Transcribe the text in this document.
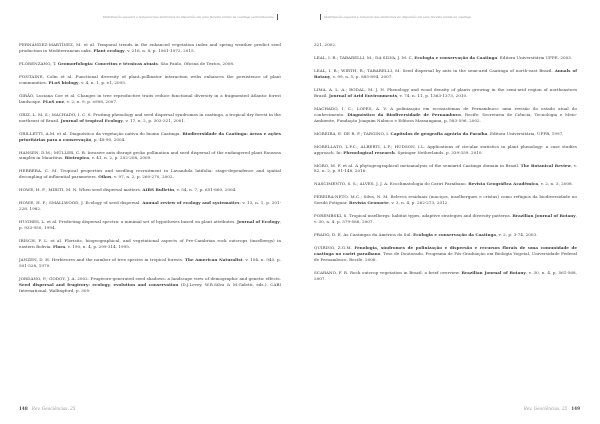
Distribuição espacial e temporal das sindromes de dispersão em uma floresta úmida na caatinga pernambucana
FERNÁNDEZ-MARTÍNEZ, M. et al. Temporal trends in the enhanced vegetation index and spring weather predict seed production in Mediterranean oaks. Plant ecology, v. 216, n. 8, p. 1061-1072, 2015.
FLORENZANO, T. Geomorfologia: Conceitos e técnicas atuais. São Paulo, Oficina de Textos, 2008.
FONTAINE, Colin et al. Functional diversity of plant–pollinator interaction webs enhances the persistence of plant communities. PLoS biology, v. 4, n. 1, p. e1, 2005.
GIRÃO, Luciana Coe et al. Changes in tree reproductive traits reduce functional diversity in a fragmented Atlantic forest landscape. PLoS one, v. 2, n. 9, p. e908, 2007.
GRIZ, L. M. S.; MACHADO, I. C. S. Fruiting phenology and seed dispersal syndromes in caatinga, a tropical dry forest in the northeast of Brazil. Journal of tropical Ecology, v. 17, n. 2, p. 303-321, 2001.
GRILLETTI, A.M. et al. Diagnóstico da vegetação nativa do bioma Caatinga. Biodiversidade da Caatinga: áreas e ações prioritárias para a conservação, p. 48-90, 2004.
HANSEN, D.M.; MÜLLER, C. B. Invasive ants disrupt gecko pollination and seed dispersal of the endangered plant Roussea simplex in Mauritius. Biotropica, v. 41, n. 2, p. 202-208, 2009.
HERRERA, C. M. Tropical properties and seedling recruitment in Lavandula latifolia: stage-dependence and spatial decoupling of influential parameters. Oikos, v. 97, n. 2, p. 260-270, 2002.
HOWE, H. F.; MIRITI, M. N. When seed dispersal matters. AIBS Bulletin, v. 54, n. 7, p. 651-660, 2004.
HOWE, H. F.; SMALLWOOD, J. Ecology of seed dispersal. Annual review of ecology and systematics, v. 13, n. 1, p. 201-228, 1982.
HUGHES, L. et al. Predicting dispersal spectra: a minimal set of hypotheses based on plant attributes. Journal of Ecology, p. 933-950, 1994.
IBISCH, P. L. et al. Floristic, biogeographical, and vegetational aspects of Pre-Cambrian rock outcrops (inselbergs) in eastern Bolivia. Flora, v. 190, n. 4, p. 299-314, 1995.
JANZEN, D. H. Herbivores and the number of tree species in tropical forests. The American Naturalist, v. 104, n. 940, p. 501-528, 1970.
JORDANO, P.; GODOY, J. A. 2002. Frugivore-generated seed shadows: a landscape view of demographic and genetic effects. Seed dispersal and frugivory: ecology, evolution and conservation (D.J.Levey, W.R.Silva & M.Galetti, eds.). CABI International, Wallingford, p. 305-
148 Rev. Geociências, 25
Distribuição espacial e temporal das sindromes de dispersão em uma floresta úmida na caatinga
321, 2002.
LEAL, I. R.; TABARELLI, M.; DA SILVA, J. M. C. Ecologia e conservação da Caatinga. Editora Universitária UFPE, 2003.
LEAL, I. R.; WIRTH, R.; TABARELLI, M. Seed dispersal by ants in the semi-arid Caatinga of north-east Brazil. Annals of Botany, v. 99, n. 5, p. 885-894, 2007.
LIMA, A. L. A.; RODAL, M. J. N. Phenology and wood density of plants growing in the semi-arid region of northeastern Brazil. Journal of Arid Environments, v. 74, n. 11, p. 1363-1373, 2010.
MACHADO, I. C.; LOPES, A. V. A polinização em ecossistemas de Pernambuco: uma revisão do estado atual do conhecimento. Diagnóstico da Biodiversidade de Pernambuco. Recife: Secretaria de Ciência, Tecnologia e Meio-Ambiente, Fundação Joaquim Nabuco e Editora Massangana, p. 583-596, 2002.
MOREIRA, E. DE R. F.; TARGINO, I. Capítulos de geografia agrária da Paraíba. Editora Universitária, UFPB, 1997.
MORELLATO, L.P.C.; ALBERTI, L.F.; HUDSON, I.L. Applications of circular statistics in plant phenology: a case studies approach. In: Phenological research. Springer Netherlands. p. 339-359. 2010.
MORO, M. F. et al. A phytogeographical metaanalysis of the semiarid Caatinga domain in Brazil. The Botanical Review, v. 82, n. 2, p. 91-148, 2016.
NASCIMENTO, S. S.; ALVES, J. J. A. Ecoclimatologia do Cariri Paraibano. Revista Geográfica Acadêmica, v. 2, n. 3, 2008.
PEREIRA-NETO, M.C.; Silva, N. M. Relevos residuais (maciços, inselbergues e cristas) como refúgios da biodiversidade no Seridó Potiguar. Revista Geonorte, v. 3, n. 4, p. 262-273, 2012.
POREMBSKI, S. Tropical inselbergs: habitat types, adaptive strategies and diversity patterns. Brazilian Journal of Botany, v. 30, n. 4, p. 579-586, 2007.
PRADO, D. E. As Caatingas da América do Sul. Ecologia e conservação da Caatinga, v. 2, p. 3-74, 2003.
QUIRINO, Z.G.M. Fenologia, síndromes de polinização e dispersão e recursos florais de uma comunidade de caatinga no cariri paraibano. Tese de Doutorado. Programa de Pós-Graduação em Biologia Vegetal, Universidade Federal de Pernambuco, Recife. 2006.
SCARANO, F. R. Rock outcrop vegetation in Brazil: a brief overview. Brazilian Journal of Botany, v. 30, n. 4, p. 561-568, 2007.
Rev. Geociências, 25 149
